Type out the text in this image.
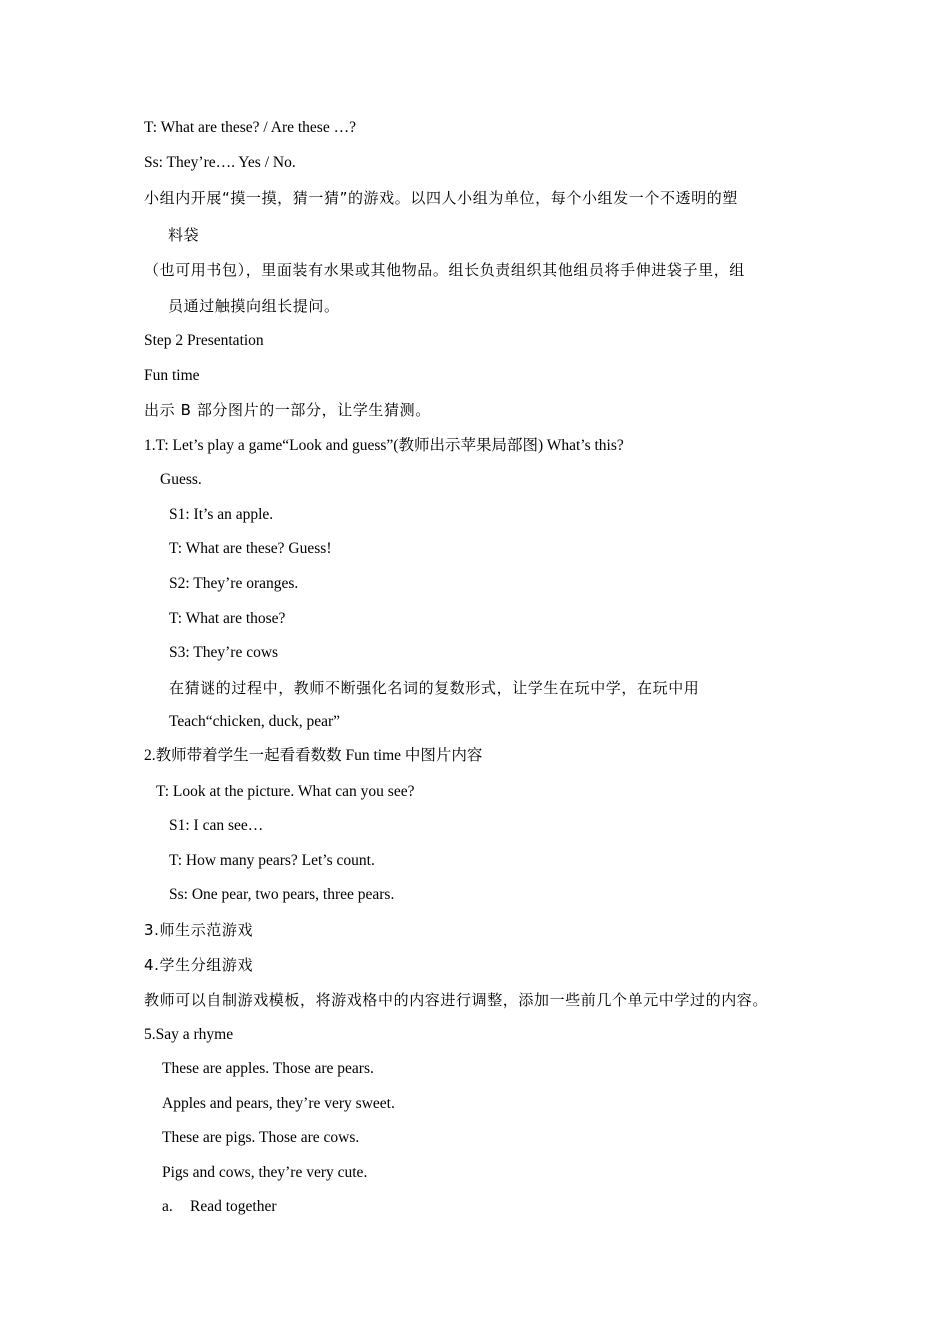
T: What are these? / Are these …?
Ss: They’re…. Yes / No.
小组内开展“摸一摸，猜一猜”的游戏。以四人小组为单位，每个小组发一个不透明的塑
料袋
（也可用书包），里面装有水果或其他物品。组长负责组织其他组员将手伸进袋子里，组
员通过触摸向组长提问。
Step 2 Presentation
Fun time
出示 B 部分图片的一部分，让学生猜测。
1.T: Let’s play a game“Look and guess”(教师出示苹果局部图) What’s this?
Guess.
S1: It’s an apple.
T: What are these? Guess!
S2: They’re oranges.
T: What are those?
S3: They’re cows
在猜谜的过程中，教师不断强化名词的复数形式，让学生在玩中学，在玩中用
Teach“chicken, duck, pear”
2.教师带着学生一起看看数数 Fun time 中图片内容
T: Look at the picture. What can you see?
S1: I can see…
T: How many pears? Let’s count.
Ss: One pear, two pears, three pears.
3.师生示范游戏
4.学生分组游戏
教师可以自制游戏模板，将游戏格中的内容进行调整，添加一些前几个单元中学过的内容。
5.Say a rhyme
These are apples. Those are pears.
Apples and pears, they’re very sweet.
These are pigs. Those are cows.
Pigs and cows, they’re very cute.
a. Read together
